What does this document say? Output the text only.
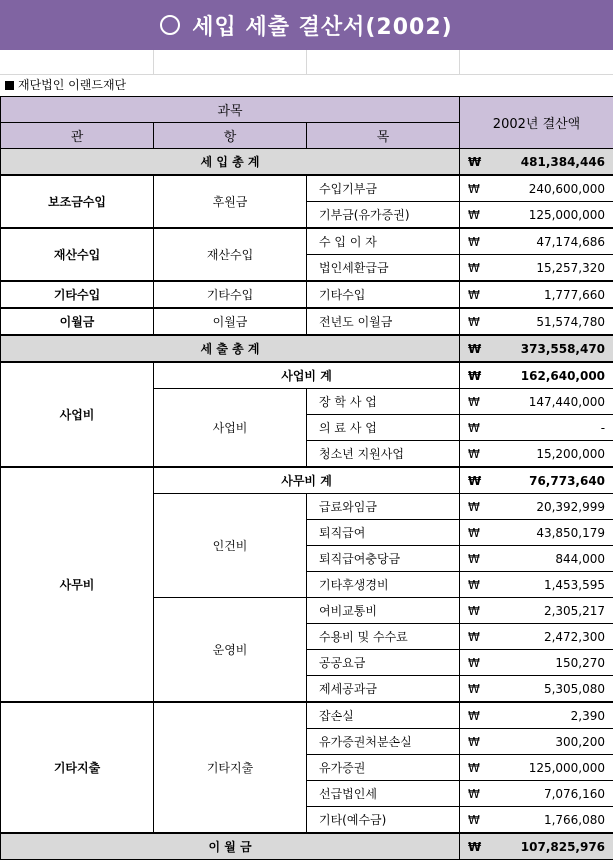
세입 세출 결산서(2002)
재단법인 이랜드재단
과목			2002년 결산액	
관	항	목		
세 입 총 계			₩	481,384,446
보조금수입	후원금	수입기부금	₩	240,600,000
		기부금(유가증권)	₩	125,000,000
재산수입	재산수입	수 입 이 자	₩	47,174,686
		법인세환급금	₩	15,257,320
기타수입	기타수입	기타수입	₩	1,777,660
이월금	이월금	전년도 이월금	₩	51,574,780
세 출 총 계			₩	373,558,470
사업비	사업비 계		₩	162,640,000
	사업비	장 학 사 업	₩	147,440,000
		의 료 사 업	₩	-
		청소년 지원사업	₩	15,200,000
사무비	사무비 계		₩	76,773,640
	인건비	급료와임금	₩	20,392,999
		퇴직급여	₩	43,850,179
		퇴직급여충당금	₩	844,000
		기타후생경비	₩	1,453,595
	운영비	여비교통비	₩	2,305,217
		수용비 및 수수료	₩	2,472,300
		공공요금	₩	150,270
		제세공과금	₩	5,305,080
기타지출	기타지출	잡손실	₩	2,390
		유가증권처분손실	₩	300,200
		유가증권	₩	125,000,000
		선급법인세	₩	7,076,160
		기타(예수금)	₩	1,766,080
이 월 금			₩	107,825,976
